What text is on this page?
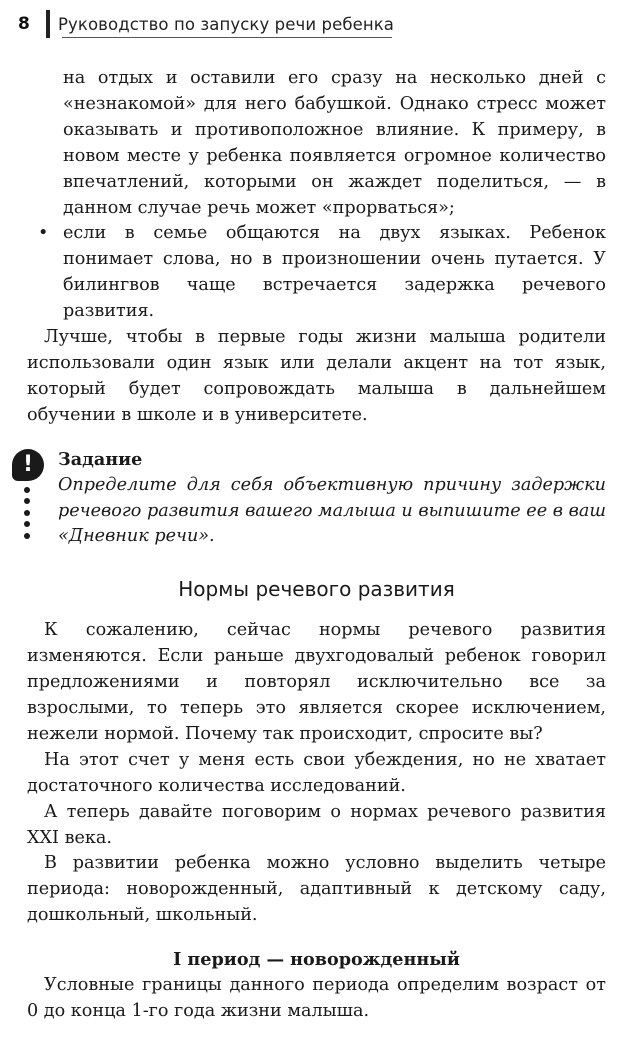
8	Руководство по запуску речи ребенка

на отдых и оставили его сразу на несколько дней с «незнакомой» для него бабушкой. Однако стресс может оказывать и противоположное влияние. К примеру, в новом месте у ребенка появляется огромное количество впечатлений, которыми он жаждет поделиться, — в данном случае речь может «прорваться»;

• если в семье общаются на двух языках. Ребенок понимает слова, но в произношении очень путается. У билингвов чаще встречается задержка речевого развития.

Лучше, чтобы в первые годы жизни малыша родители использовали один язык или делали акцент на тот язык, который будет сопровождать малыша в дальнейшем обучении в школе и в университете.

!	Задание

Определите для себя объективную причину задержки речевого развития вашего малыша и выпишите ее в ваш «Дневник речи».

Нормы речевого развития

К сожалению, сейчас нормы речевого развития изменяются. Если раньше двухгодовалый ребенок говорил предложениями и повторял исключительно все за взрослыми, то теперь это является скорее исключением, нежели нормой. Почему так происходит, спросите вы?

На этот счет у меня есть свои убеждения, но не хватает достаточного количества исследований.

А теперь давайте поговорим о нормах речевого развития XXI века.

В развитии ребенка можно условно выделить четыре периода: новорожденный, адаптивный к детскому саду, дошкольный, школьный.

I период — новорожденный

Условные границы данного периода определим возраст от 0 до конца 1-го года жизни малыша.
